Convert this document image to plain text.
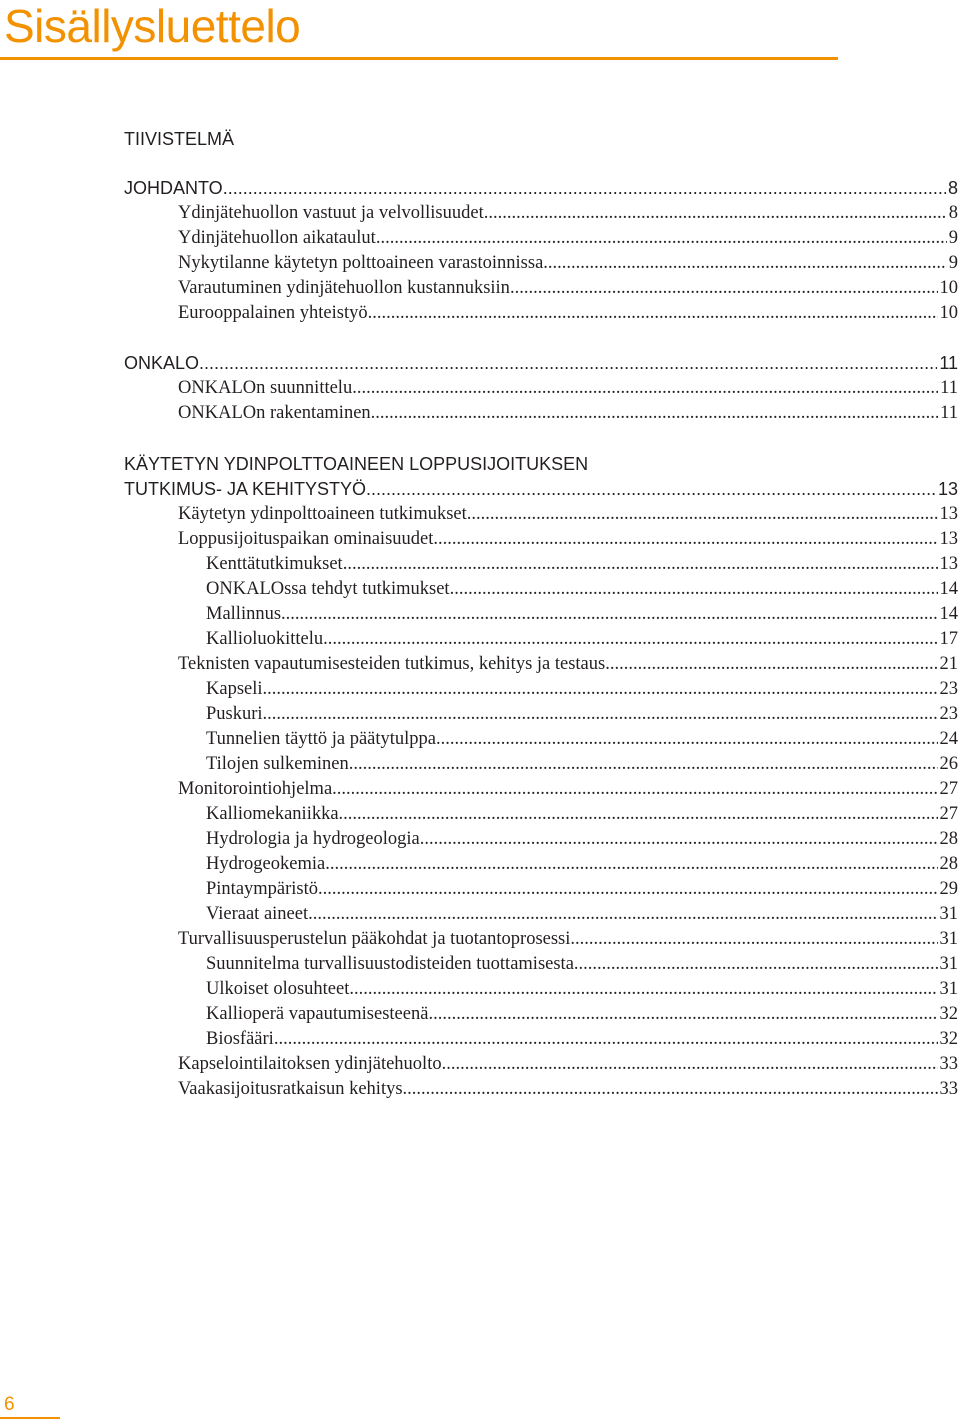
Sisällysluettelo
TIIVISTELMÄ
JOHDANTO .....	8
Ydinjätehuollon vastuut ja velvollisuudet .....	8
Ydinjätehuollon aikataulut .....	9
Nykytilanne käytetyn polttoaineen varastoinnissa .....	9
Varautuminen ydinjätehuollon kustannuksiin .....	10
Eurooppalainen yhteistyö .....	10
ONKALO .....	11
ONKALOn suunnittelu .....	11
ONKALOn rakentaminen .....	11
KÄYTETYN YDINPOLTTOAINEEN LOPPUSIJOITUKSEN
TUTKIMUS- JA KEHITYSTYÖ .....	13
Käytetyn ydinpolttoaineen tutkimukset .....	13
Loppusijoituspaikan ominaisuudet .....	13
Kenttätutkimukset .....	13
ONKALOssa tehdyt tutkimukset .....	14
Mallinnus .....	14
Kallioluokittelu .....	17
Teknisten vapautumisesteiden tutkimus, kehitys ja testaus .....	21
Kapseli .....	23
Puskuri .....	23
Tunnelien täyttö ja päätytulppa .....	24
Tilojen sulkeminen .....	26
Monitorointiohjelma .....	27
Kalliomekaniikka .....	27
Hydrologia ja hydrogeologia .....	28
Hydrogeokemia .....	28
Pintaympäristö .....	29
Vieraat aineet .....	31
Turvallisuusperustelun pääkohdat ja tuotantoprosessi .....	31
Suunnitelma turvallisuustodisteiden tuottamisesta .....	31
Ulkoiset olosuhteet .....	31
Kallioperä vapautumisesteenä .....	32
Biosfääri .....	32
Kapselointilaitoksen ydinjätehuolto .....	33
Vaakasijoitusratkaisun kehitys .....	33
6
